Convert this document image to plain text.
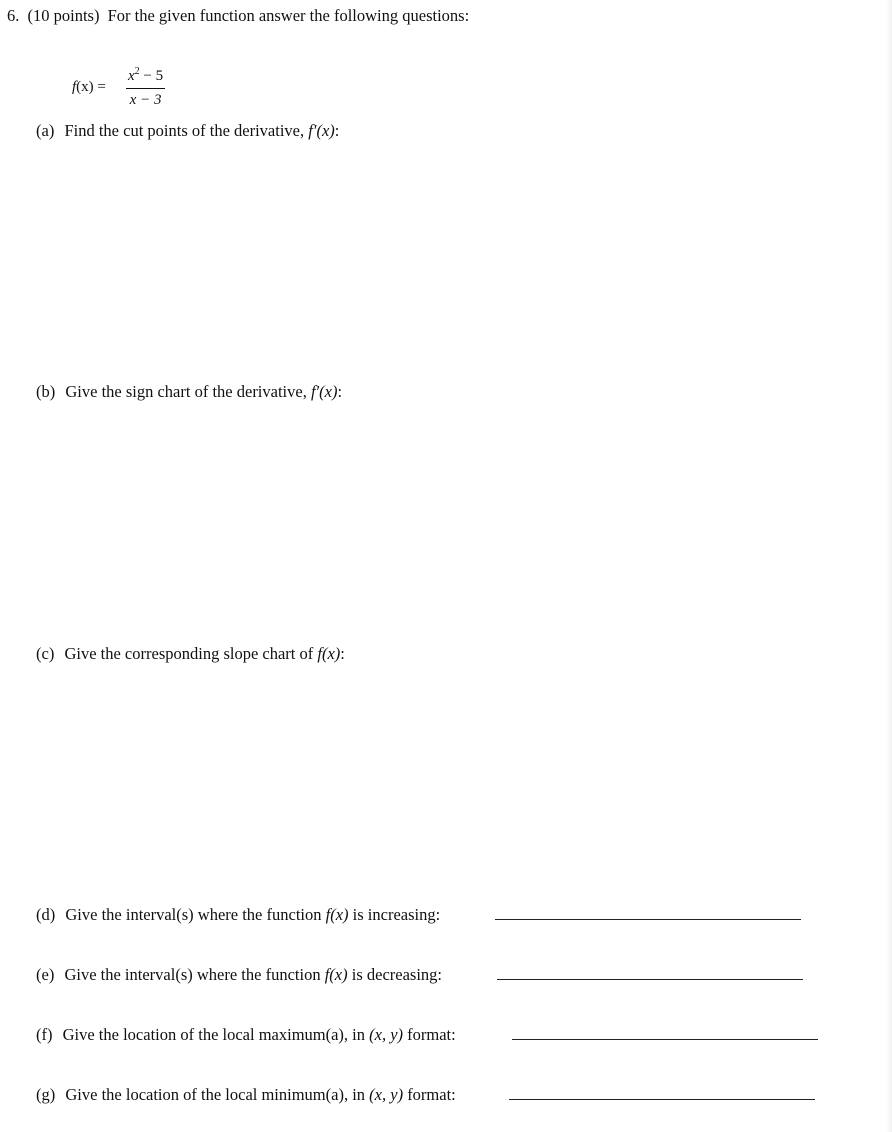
6. (10 points) For the given function answer the following questions:
f(x) =
$x^2 - 5$
x − 3
(a) Find the cut points of the derivative, f′(x):
(b) Give the sign chart of the derivative, f′(x):
(c) Give the corresponding slope chart of f(x):
(d) Give the interval(s) where the function f(x) is increasing:
(e) Give the interval(s) where the function f(x) is decreasing:
(f) Give the location of the local maximum(a), in (x, y) format:
(g) Give the location of the local minimum(a), in (x, y) format:
